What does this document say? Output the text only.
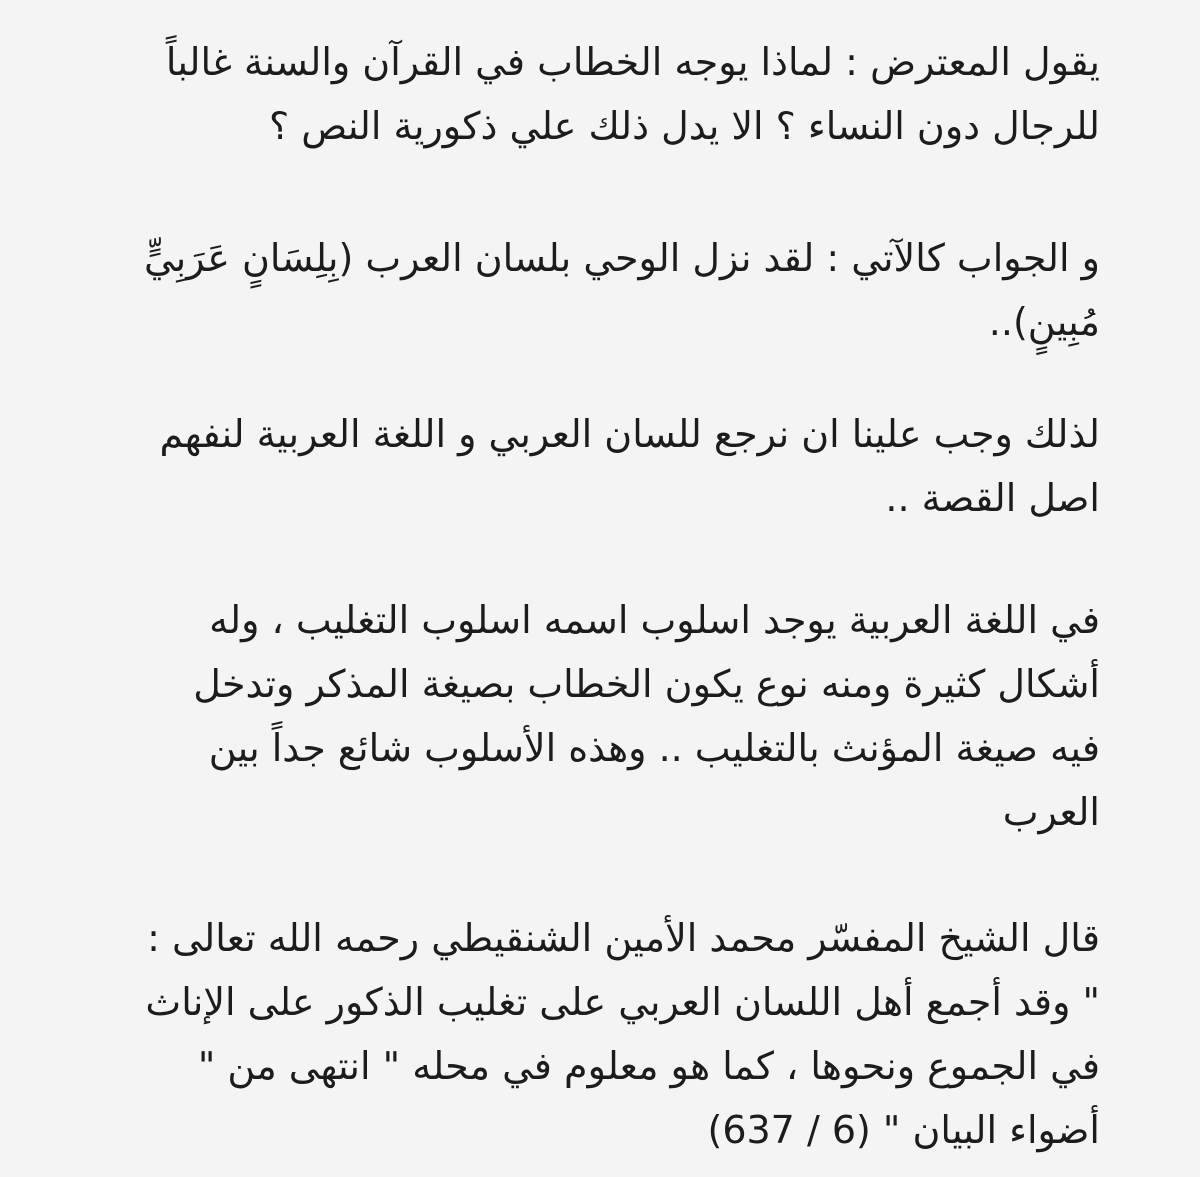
يقول المعترض : لماذا يوجه الخطاب في القرآن والسنة غالباً
للرجال دون النساء ؟ الا يدل ذلك علي ذكورية النص ؟
و الجواب كالآتي : لقد نزل الوحي بلسان العرب (بِلِسَانٍ عَرَبِيٍّ
مُبِينٍ)..
لذلك وجب علينا ان نرجع للسان العربي و اللغة العربية لنفهم
اصل القصة ..
في اللغة العربية يوجد اسلوب اسمه اسلوب التغليب ، وله
أشكال كثيرة ومنه نوع يكون الخطاب بصيغة المذكر وتدخل
فيه صيغة المؤنث بالتغليب .. وهذه الأسلوب شائع جداً بين
العرب
قال الشيخ المفسّر محمد الأمين الشنقيطي رحمه الله تعالى :
" وقد أجمع أهل اللسان العربي على تغليب الذكور على الإناث
في الجموع ونحوها ، كما هو معلوم في محله " انتهى من "
أضواء البيان " (6 / 637)
